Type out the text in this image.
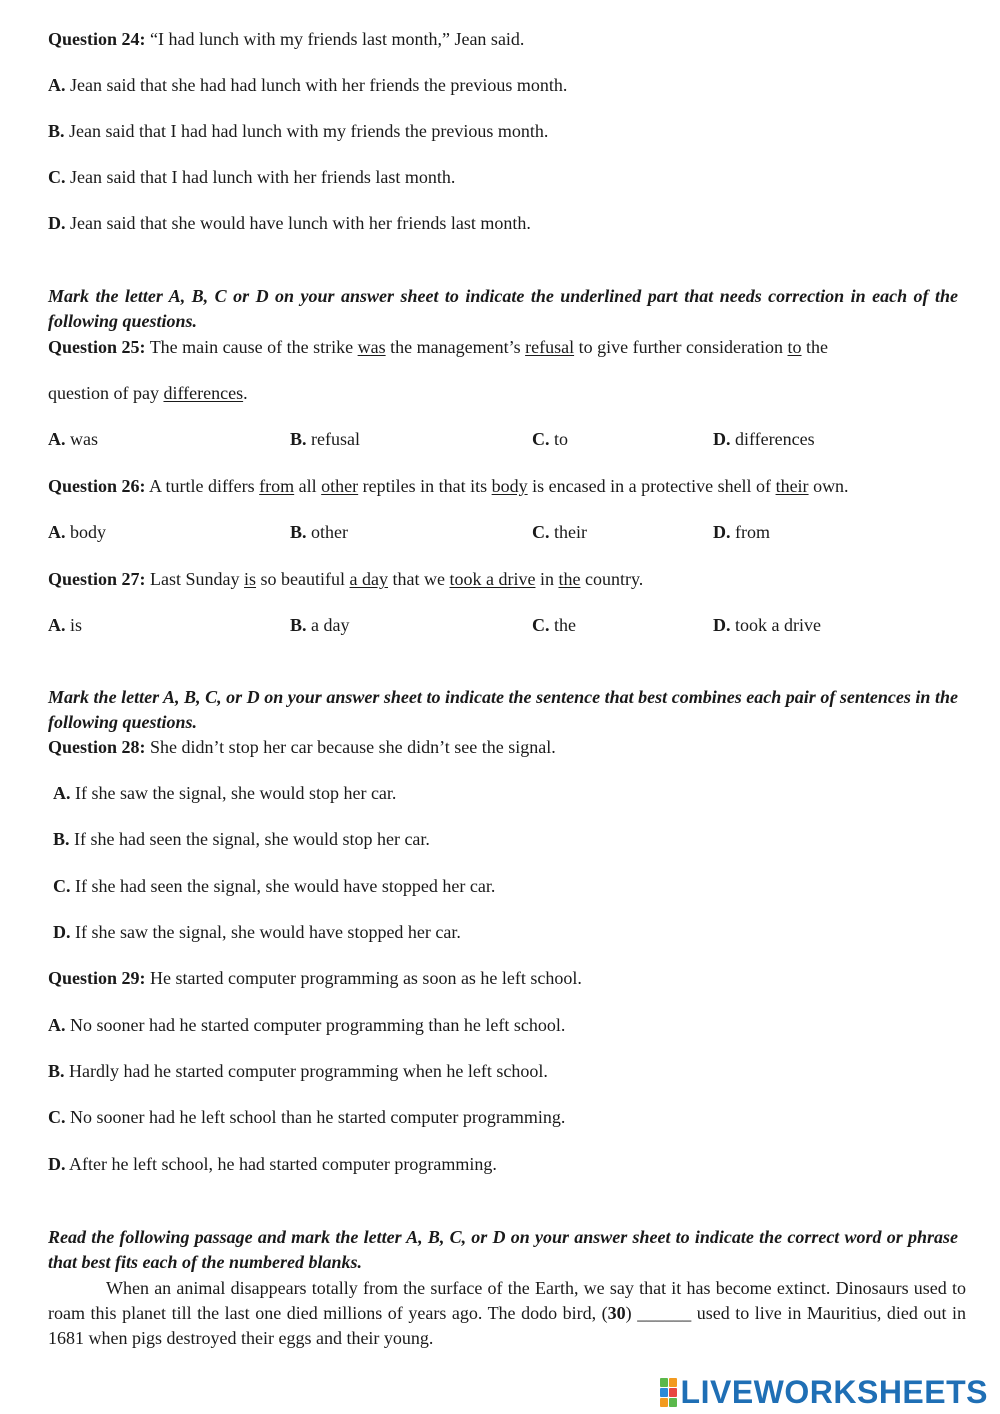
Question 24: “I had lunch with my friends last month,” Jean said.
A. Jean said that she had had lunch with her friends the previous month.
B. Jean said that I had had lunch with my friends the previous month.
C. Jean said that I had lunch with her friends last month.
D. Jean said that she would have lunch with her friends last month.
Mark the letter A, B, C or D on your answer sheet to indicate the underlined part that needs correction in each of the following questions.
Question 25: The main cause of the strike was the management’s refusal to give further consideration to the
question of pay differences.
A. was	B. refusal	C. to	D. differences
Question 26: A turtle differs from all other reptiles in that its body is encased in a protective shell of their own.
A. body	B. other	C. their	D. from
Question 27: Last Sunday is so beautiful a day that we took a drive in the country.
A. is	B. a day	C. the	D. took a drive
Mark the letter A, B, C, or D on your answer sheet to indicate the sentence that best combines each pair of sentences in the following questions.
Question 28: She didn’t stop her car because she didn’t see the signal.
A. If she saw the signal, she would stop her car.
B. If she had seen the signal, she would stop her car.
C. If she had seen the signal, she would have stopped her car.
D. If she saw the signal, she would have stopped her car.
Question 29: He started computer programming as soon as he left school.
A. No sooner had he started computer programming than he left school.
B. Hardly had he started computer programming when he left school.
C. No sooner had he left school than he started computer programming.
D. After he left school, he had started computer programming.
Read the following passage and mark the letter A, B, C, or D on your answer sheet to indicate the correct word or phrase that best fits each of the numbered blanks.
When an animal disappears totally from the surface of the Earth, we say that it has become extinct. Dinosaurs used to roam this planet till the last one died millions of years ago. The dodo bird, (30) ______ used to live in Mauritius, died out in 1681 when pigs destroyed their eggs and their young.
LIVEWORKSHEETS
